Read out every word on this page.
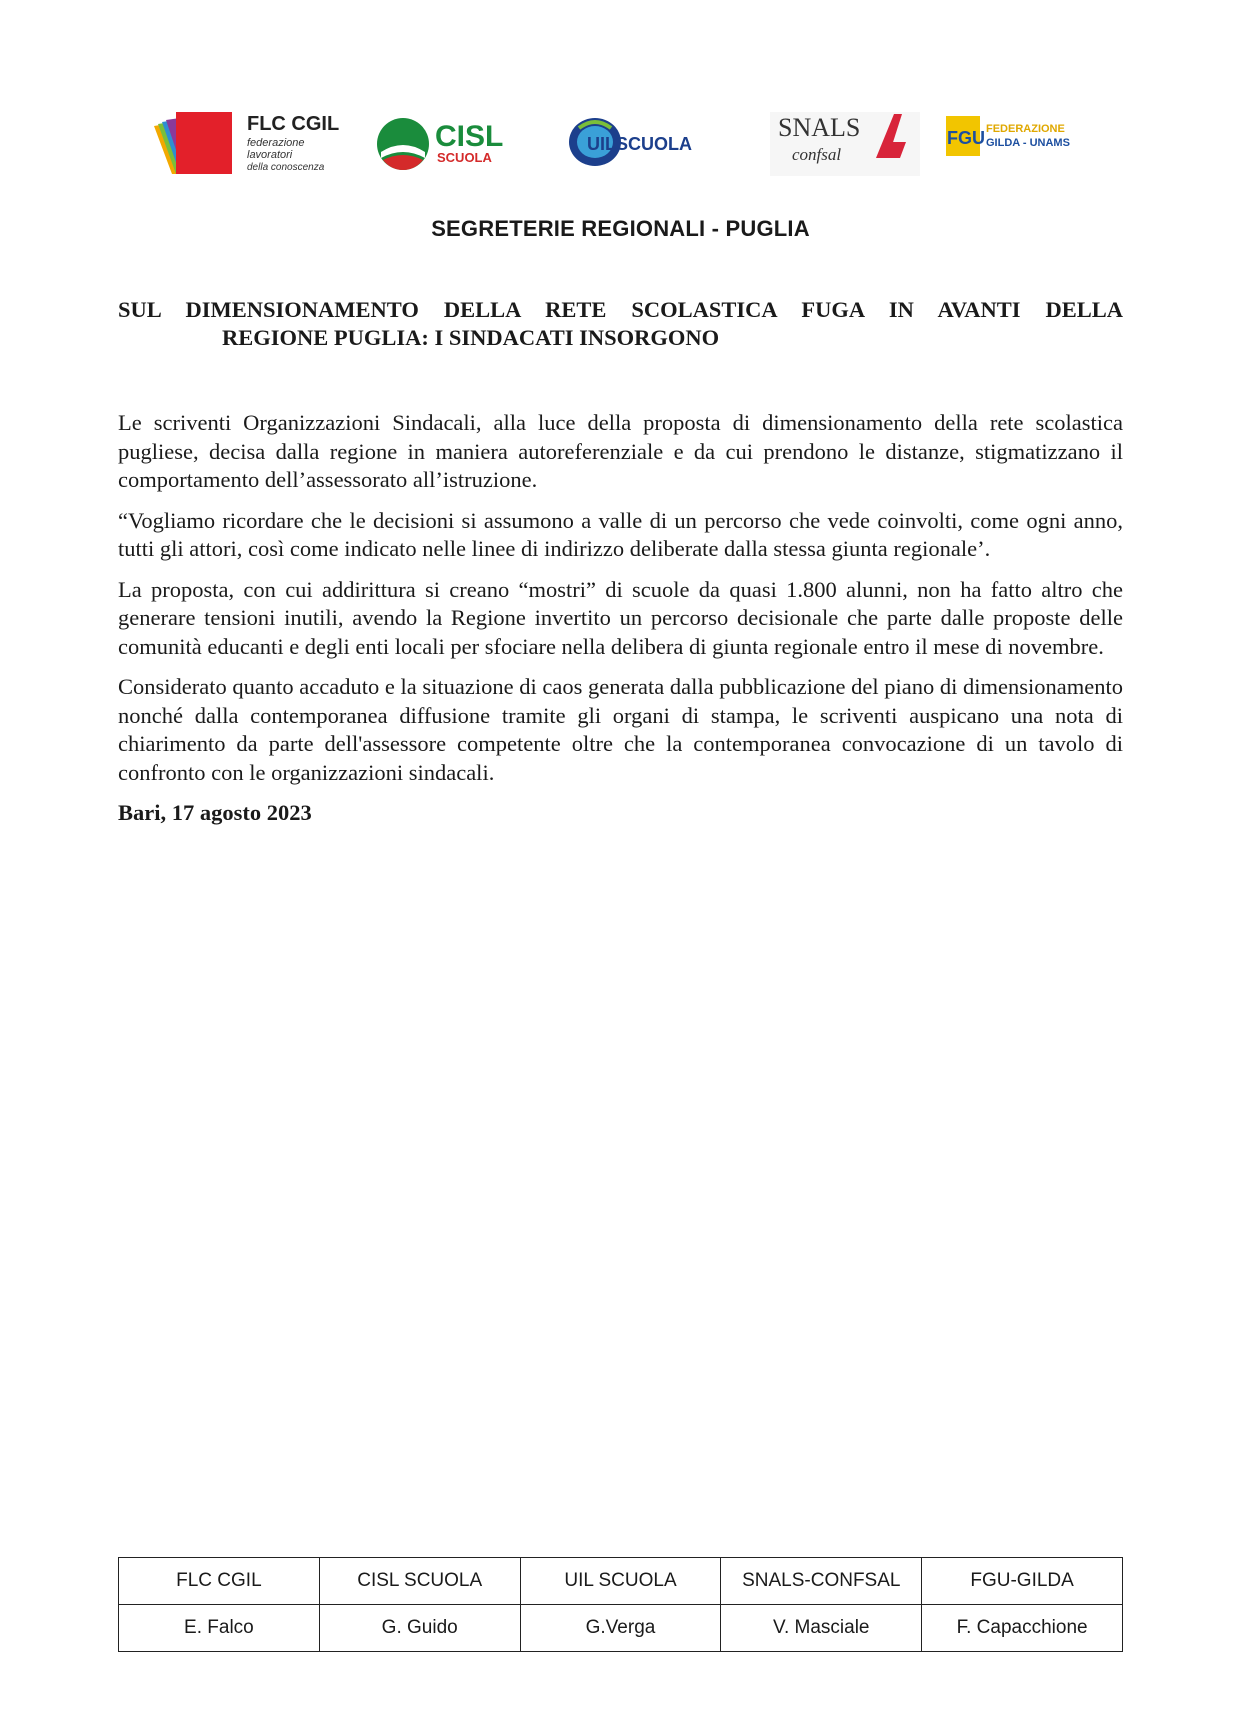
FLC CGIL
federazione
lavoratori
della conoscenza
CISL
SCUOLA
UILSCUOLA
SNALS
confsal
FGU FEDERAZIONE
GILDA - UNAMS
SEGRETERIE REGIONALI - PUGLIA
SUL DIMENSIONAMENTO DELLA RETE SCOLASTICA FUGA IN AVANTI DELLA
REGIONE PUGLIA: I SINDACATI INSORGONO

Le scriventi Organizzazioni Sindacali, alla luce della proposta di dimensionamento della rete scolastica pugliese, decisa dalla regione in maniera autoreferenziale e da cui prendono le distanze, stigmatizzano il comportamento dell’assessorato all’istruzione.

“Vogliamo ricordare che le decisioni si assumono a valle di un percorso che vede coinvolti, come ogni anno, tutti gli attori, così come indicato nelle linee di indirizzo deliberate dalla stessa giunta regionale’.

La proposta, con cui addirittura si creano “mostri” di scuole da quasi 1.800 alunni, non ha fatto altro che generare tensioni inutili, avendo la Regione invertito un percorso decisionale che parte dalle proposte delle comunità educanti e degli enti locali per sfociare nella delibera di giunta regionale entro il mese di novembre.

Considerato quanto accaduto e la situazione di caos generata dalla pubblicazione del piano di dimensionamento nonché dalla contemporanea diffusione tramite gli organi di stampa, le scriventi auspicano una nota di chiarimento da parte dell'assessore competente oltre che la contemporanea convocazione di un tavolo di confronto con le organizzazioni sindacali.

Bari, 17 agosto 2023

FLC CGIL	CISL SCUOLA	UIL SCUOLA	SNALS-CONFSAL	FGU-GILDA
E. Falco	G. Guido	G.Verga	V. Masciale	F. Capacchione
